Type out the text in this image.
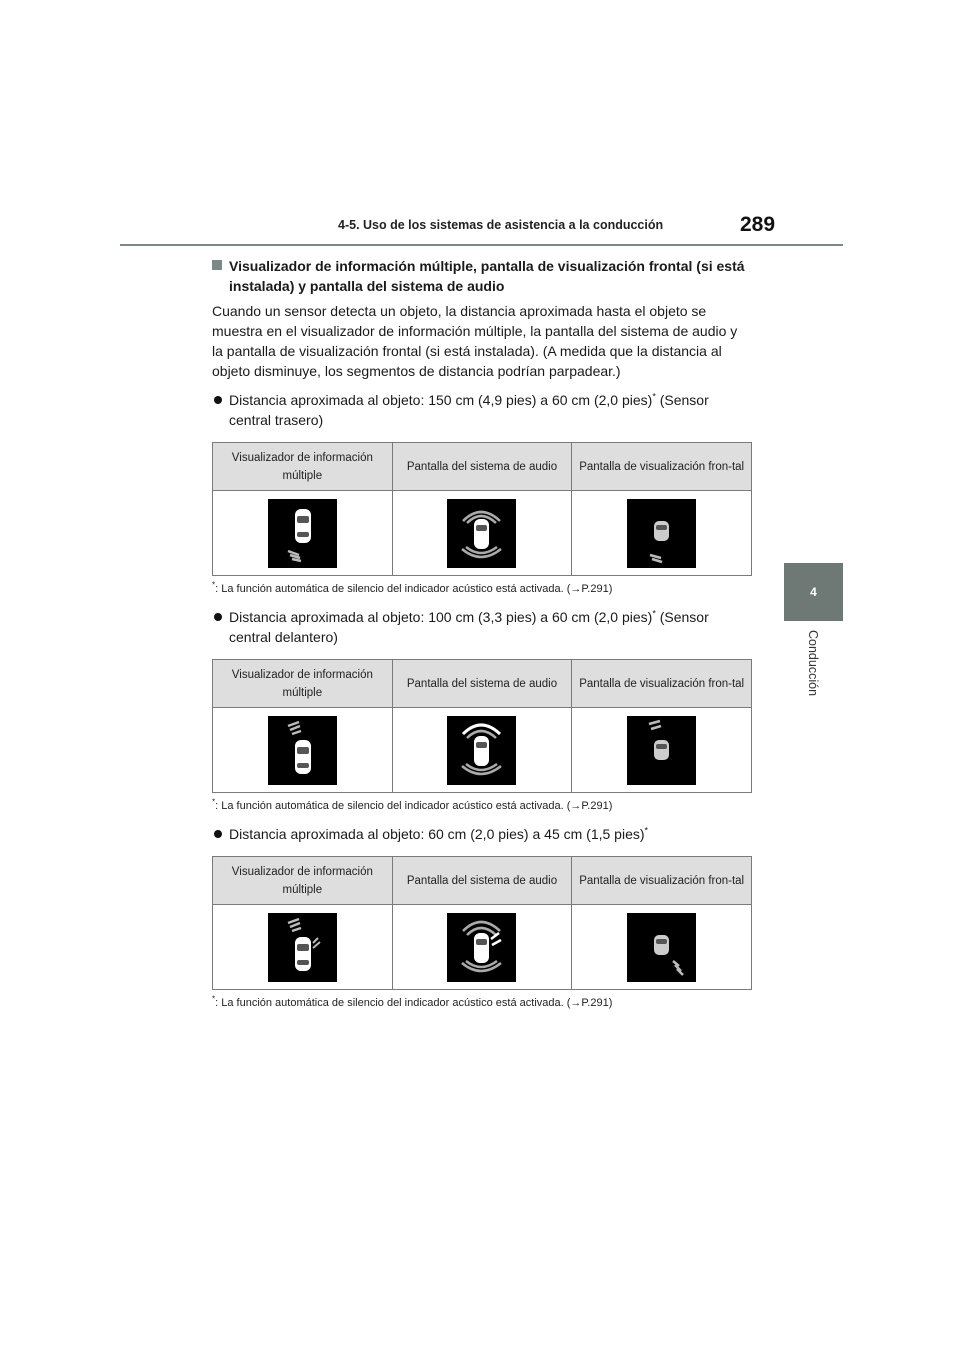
4-5. Uso de los sistemas de asistencia a la conducción	289
4
Conducción
Visualizador de información múltiple, pantalla de visualización frontal (si está instalada) y pantalla del sistema de audio

Cuando un sensor detecta un objeto, la distancia aproximada hasta el objeto se muestra en el visualizador de información múltiple, la pantalla del sistema de audio y la pantalla de visualización frontal (si está instalada). (A medida que la distancia al objeto disminuye, los segmentos de distancia podrían parpadear.)

Distancia aproximada al objeto: 150 cm (4,9 pies) a 60 cm (2,0 pies)* (Sensor central trasero)
Visualizador de información múltiple	Pantalla del sistema de audio	Pantalla de visualización fron-tal

*: La función automática de silencio del indicador acústico está activada. (→P.291)
Distancia aproximada al objeto: 100 cm (3,3 pies) a 60 cm (2,0 pies)* (Sensor central delantero)
Visualizador de información múltiple	Pantalla del sistema de audio	Pantalla de visualización fron-tal

*: La función automática de silencio del indicador acústico está activada. (→P.291)
Distancia aproximada al objeto: 60 cm (2,0 pies) a 45 cm (1,5 pies)*
Visualizador de información múltiple	Pantalla del sistema de audio	Pantalla de visualización fron-tal

*: La función automática de silencio del indicador acústico está activada. (→P.291)
